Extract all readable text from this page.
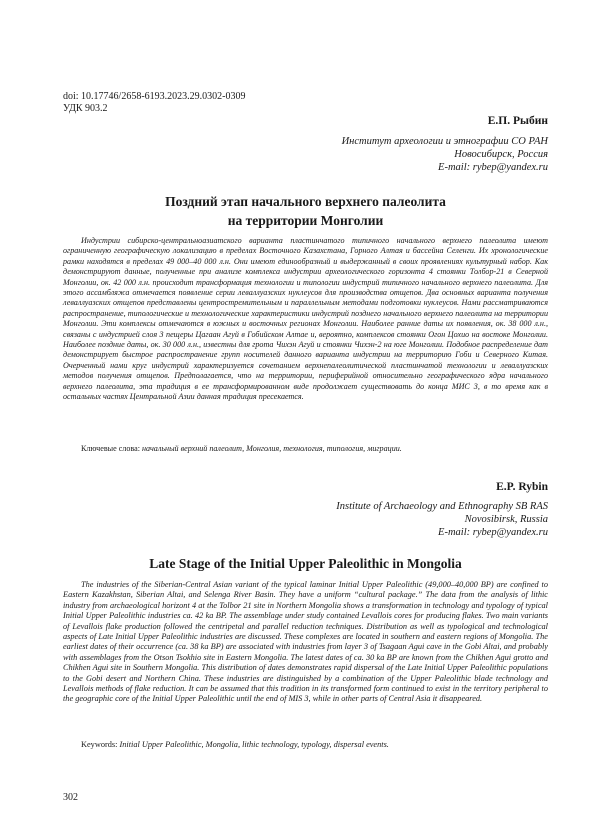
doi: 10.17746/2658-6193.2023.29.0302-0309
УДК 903.2
Е.П. Рыбин
Институт археологии и этнографии СО РАН
Новосибирск, Россия
E-mail: rybep@yandex.ru
Поздний этап начального верхнего палеолита
на территории Монголии
Индустрии сибирско-центральноазиатского варианта пластинчатого типичного начального верхнего палеолита имеют ограниченную географическую локализацию в пределах Восточного Казахстана, Горного Алтая и бассейна Селенги. Их хронологические рамки находятся в пределах 49 000–40 000 л.н. Они имеют единообразный и выдержанный в своих проявлениях культурный набор. Как демонстрируют данные, полученные при анализе комплекса индустрии археологического горизонта 4 стоянки Толбор-21 в Северной Монголии, ок. 42 000 л.н. происходит трансформация технологии и типологии индустрий типичного начального верхнего палеолита. Для этого ассамбляжа отмечается появление серии леваллуазских нуклеусов для производства отщепов. Два основных варианта получения леваллуазских отщепов представлены центростремительным и параллельным методами подготовки нуклеусов. Нами рассматриваются распространение, типологические и технологические характеристики индустрий позднего начального верхнего палеолита на территории Монголии. Эти комплексы отмечаются в южных и восточных регионах Монголии. Наиболее ранние даты их появления, ок. 38 000 л.н., связаны с индустрией слоя 3 пещеры Цагаан Агуй в Гобийском Алтае и, вероятно, комплексов стоянки Огон Цохио на востоке Монголии. Наиболее поздние даты, ок. 30 000 л.н., известны для грота Чихэн Агуй и стоянки Чихэн-2 на юге Монголии. Подобное распределение дат демонстрирует быстрое распространение групп носителей данного варианта индустрии на территорию Гоби и Северного Китая. Очерченный нами круг индустрий характеризуется сочетанием верхнепалеолитической пластинчатой технологии и леваллуазских методов получения отщепов. Предполагается, что на территории, периферийной относительно географического ядра начального верхнего палеолита, эта традиция в ее трансформированном виде продолжает существовать до конца МИС 3, в то время как в остальных частях Центральной Азии данная традиция пресекается.
Ключевые слова: начальный верхний палеолит, Монголия, технология, типология, миграции.
E.P. Rybin
Institute of Archaeology and Ethnography SB RAS
Novosibirsk, Russia
E-mail: rybep@yandex.ru
Late Stage of the Initial Upper Paleolithic in Mongolia
The industries of the Siberian-Central Asian variant of the typical laminar Initial Upper Paleolithic (49,000–40,000 BP) are confined to Eastern Kazakhstan, Siberian Altai, and Selenga River Basin. They have a uniform “cultural package.” The data from the analysis of lithic industry from archaeological horizont 4 at the Tolbor 21 site in Northern Mongolia shows a transformation in technology and typology of typical Initial Upper Paleolithic industries ca. 42 ka BP. The assemblage under study contained Levallois cores for producing flakes. Two main variants of Levallois flake production followed the centripetal and parallel reduction techniques. Distribution as well as typological and technological aspects of Late Initial Upper Paleolithic industries are discussed. These complexes are located in southern and eastern regions of Mongolia. The earliest dates of their occurrence (ca. 38 ka BP) are associated with industries from layer 3 of Tsagaan Agui cave in the Gobi Altai, and probably with assemblages from the Otson Tsokhio site in Eastern Mongolia. The latest dates of ca. 30 ka BP are known from the Chikhen Agui grotto and Chikhen Agui site in Southern Mongolia. This distribution of dates demonstrates rapid dispersal of the Late Initial Upper Paleolithic populations to the Gobi desert and Northern China. These industries are distinguished by a combination of the Upper Paleolithic blade technology and Levallois methods of flake reduction. It can be assumed that this tradition in its transformed form continued to exist in the territory peripheral to the geographic core of the Initial Upper Paleolithic until the end of MIS 3, while in other parts of Central Asia it disappeared.
Keywords: Initial Upper Paleolithic, Mongolia, lithic technology, typology, dispersal events.
302
